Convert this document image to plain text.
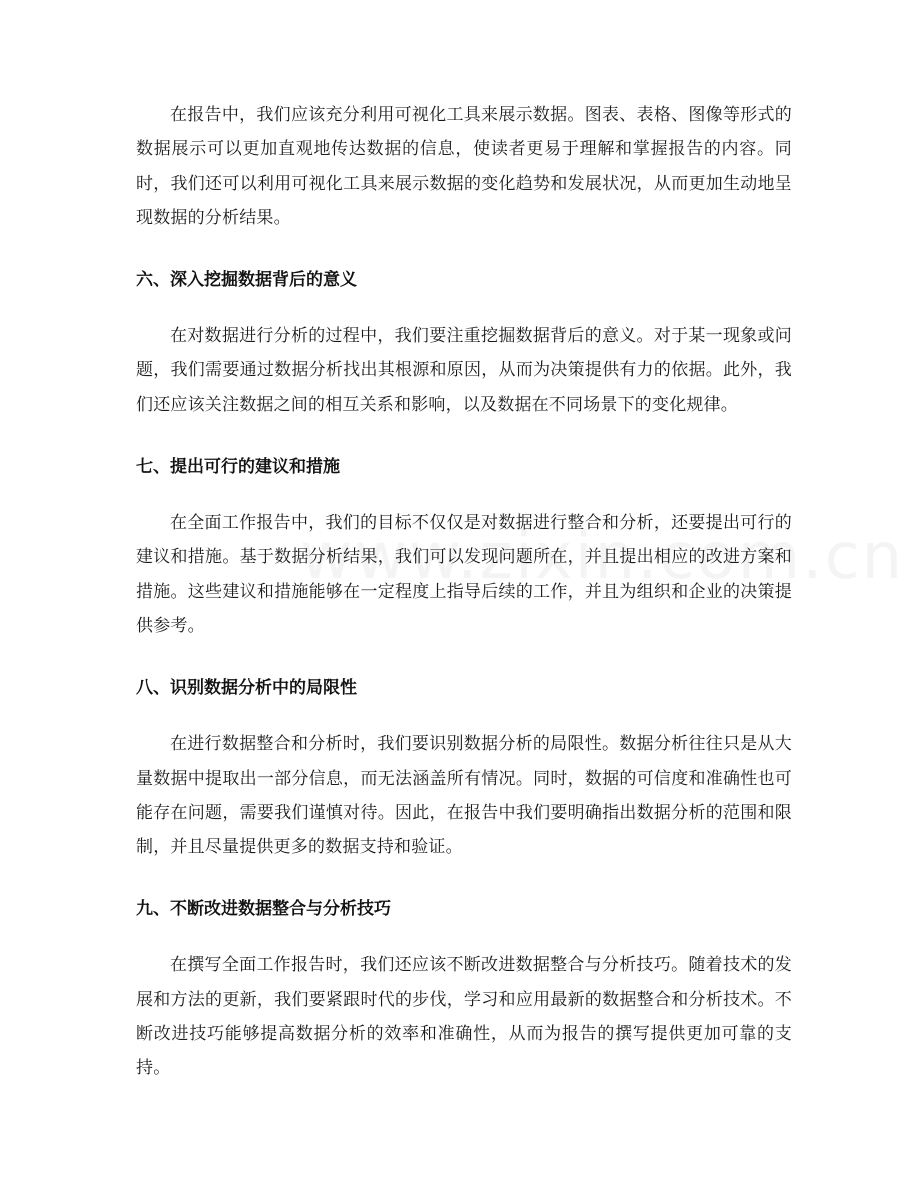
在报告中，我们应该充分利用可视化工具来展示数据。图表、表格、图像等形式的数据展示可以更加直观地传达数据的信息，使读者更易于理解和掌握报告的内容。同时，我们还可以利用可视化工具来展示数据的变化趋势和发展状况，从而更加生动地呈现数据的分析结果。

六、深入挖掘数据背后的意义

在对数据进行分析的过程中，我们要注重挖掘数据背后的意义。对于某一现象或问题，我们需要通过数据分析找出其根源和原因，从而为决策提供有力的依据。此外，我们还应该关注数据之间的相互关系和影响，以及数据在不同场景下的变化规律。

七、提出可行的建议和措施

在全面工作报告中，我们的目标不仅仅是对数据进行整合和分析，还要提出可行的建议和措施。基于数据分析结果，我们可以发现问题所在，并且提出相应的改进方案和措施。这些建议和措施能够在一定程度上指导后续的工作，并且为组织和企业的决策提供参考。

八、识别数据分析中的局限性

在进行数据整合和分析时，我们要识别数据分析的局限性。数据分析往往只是从大量数据中提取出一部分信息，而无法涵盖所有情况。同时，数据的可信度和准确性也可能存在问题，需要我们谨慎对待。因此，在报告中我们要明确指出数据分析的范围和限制，并且尽量提供更多的数据支持和验证。

九、不断改进数据整合与分析技巧

在撰写全面工作报告时，我们还应该不断改进数据整合与分析技巧。随着技术的发展和方法的更新，我们要紧跟时代的步伐，学习和应用最新的数据整合和分析技术。不断改进技巧能够提高数据分析的效率和准确性，从而为报告的撰写提供更加可靠的支持。
